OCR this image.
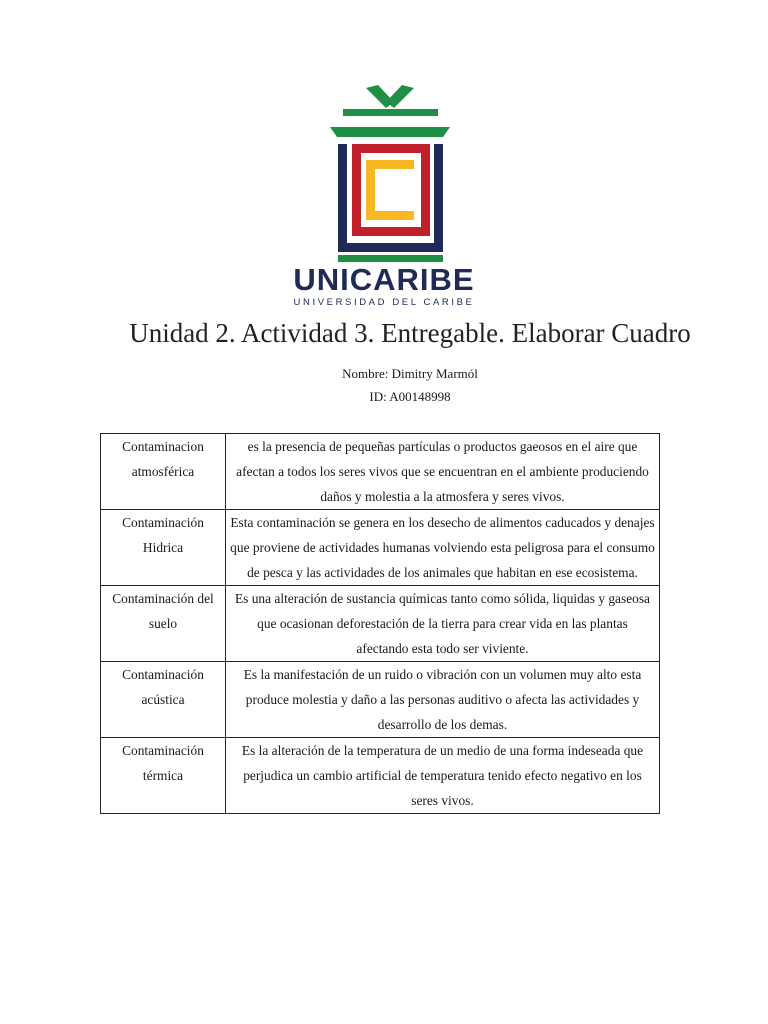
UNICARIBE
UNIVERSIDAD DEL CARIBE
Unidad 2. Actividad 3. Entregable. Elaborar Cuadro
Nombre: Dimitry Marmól
ID: A00148998
Contaminacion atmosférica	es la presencia de pequeñas partículas o productos gaeosos en el aire que afectan a todos los seres vivos que se encuentran en el ambiente produciendo daños y molestia a la atmosfera y seres vivos.
Contaminación Hidrica	Esta contaminación se genera en los desecho de alimentos caducados y denajes que proviene de actividades humanas volviendo esta peligrosa para el consumo de pesca y las actividades de los animales que habitan en ese ecosistema.
Contaminación del suelo	Es una alteración de sustancia químicas tanto como sólida, liquidas y gaseosa que ocasionan deforestación de la tierra para crear vida en las plantas afectando esta todo ser viviente.
Contaminación acústica	Es la manifestación de un ruido o vibración con un volumen muy alto esta produce molestia y daño a las personas auditivo o afecta las actividades y desarrollo de los demas.
Contaminación térmica	Es la alteración de la temperatura de un medio de una forma indeseada que perjudica un cambio artificial de temperatura tenido efecto negativo en los seres vivos.
